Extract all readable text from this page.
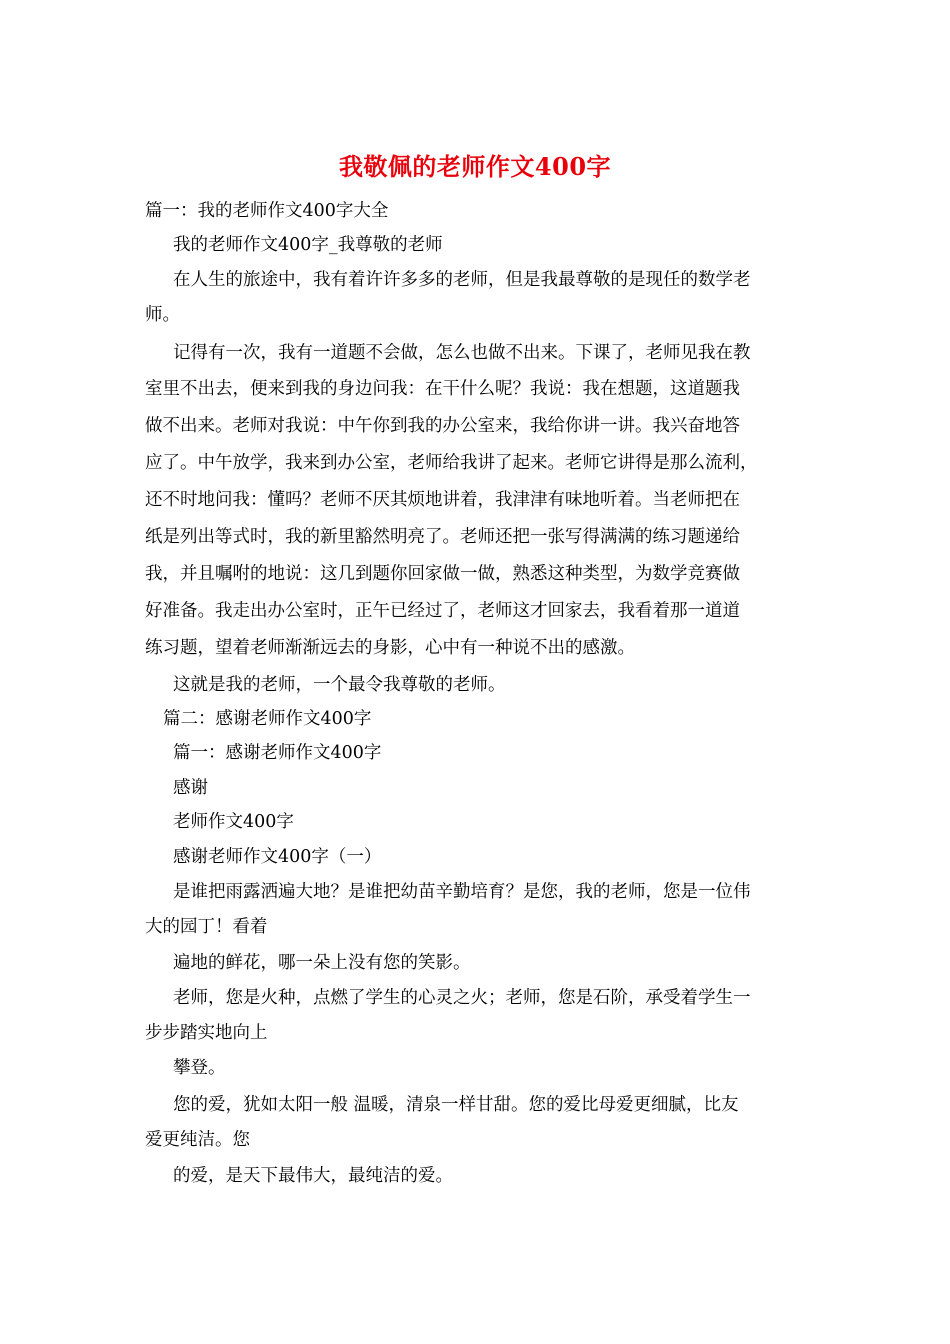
我敬佩的老师作文400字
篇一：我的老师作文400字大全
我的老师作文400字_我尊敬的老师
在人生的旅途中，我有着许许多多的老师，但是我最尊敬的是现任的数学老
师。
记得有一次，我有一道题不会做，怎么也做不出来。下课了，老师见我在教
室里不出去，便来到我的身边问我：在干什么呢？我说：我在想题，这道题我
做不出来。老师对我说：中午你到我的办公室来，我给你讲一讲。我兴奋地答
应了。中午放学，我来到办公室，老师给我讲了起来。老师它讲得是那么流利，
还不时地问我：懂吗？老师不厌其烦地讲着，我津津有味地听着。当老师把在
纸是列出等式时，我的新里豁然明亮了。老师还把一张写得满满的练习题递给
我，并且嘱咐的地说：这几到题你回家做一做，熟悉这种类型，为数学竞赛做
好准备。我走出办公室时，正午已经过了，老师这才回家去，我看着那一道道
练习题，望着老师渐渐远去的身影，心中有一种说不出的感激。
这就是我的老师，一个最令我尊敬的老师。
篇二：感谢老师作文400字
篇一：感谢老师作文400字
感谢
老师作文400字
感谢老师作文400字（一）
是谁把雨露洒遍大地？是谁把幼苗辛勤培育？是您，我的老师，您是一位伟
大的园丁！看着
遍地的鲜花，哪一朵上没有您的笑影。
老师，您是火种，点燃了学生的心灵之火；老师，您是石阶，承受着学生一
步步踏实地向上
攀登。
您的爱，犹如太阳一般 温暖，清泉一样甘甜。您的爱比母爱更细腻，比友
爱更纯洁。您
的爱，是天下最伟大，最纯洁的爱。
